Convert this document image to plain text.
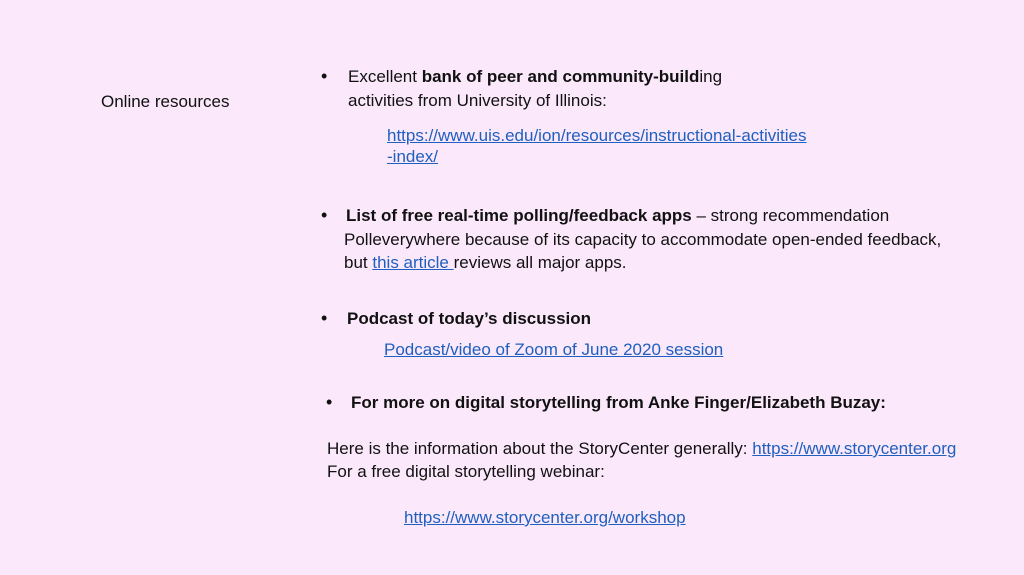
Online resources
• Excellent bank of peer and community-building
activities from University of Illinois:
https://www.uis.edu/ion/resources/instructional-activities
-index/
• List of free real-time polling/feedback apps – strong recommendation
Polleverywhere because of its capacity to accommodate open-ended feedback,
but this article reviews all major apps.
• Podcast of today’s discussion
Podcast/video of Zoom of June 2020 session
• For more on digital storytelling from Anke Finger/Elizabeth Buzay:
Here is the information about the StoryCenter generally: https://www.storycenter.org
For a free digital storytelling webinar:
https://www.storycenter.org/workshop
